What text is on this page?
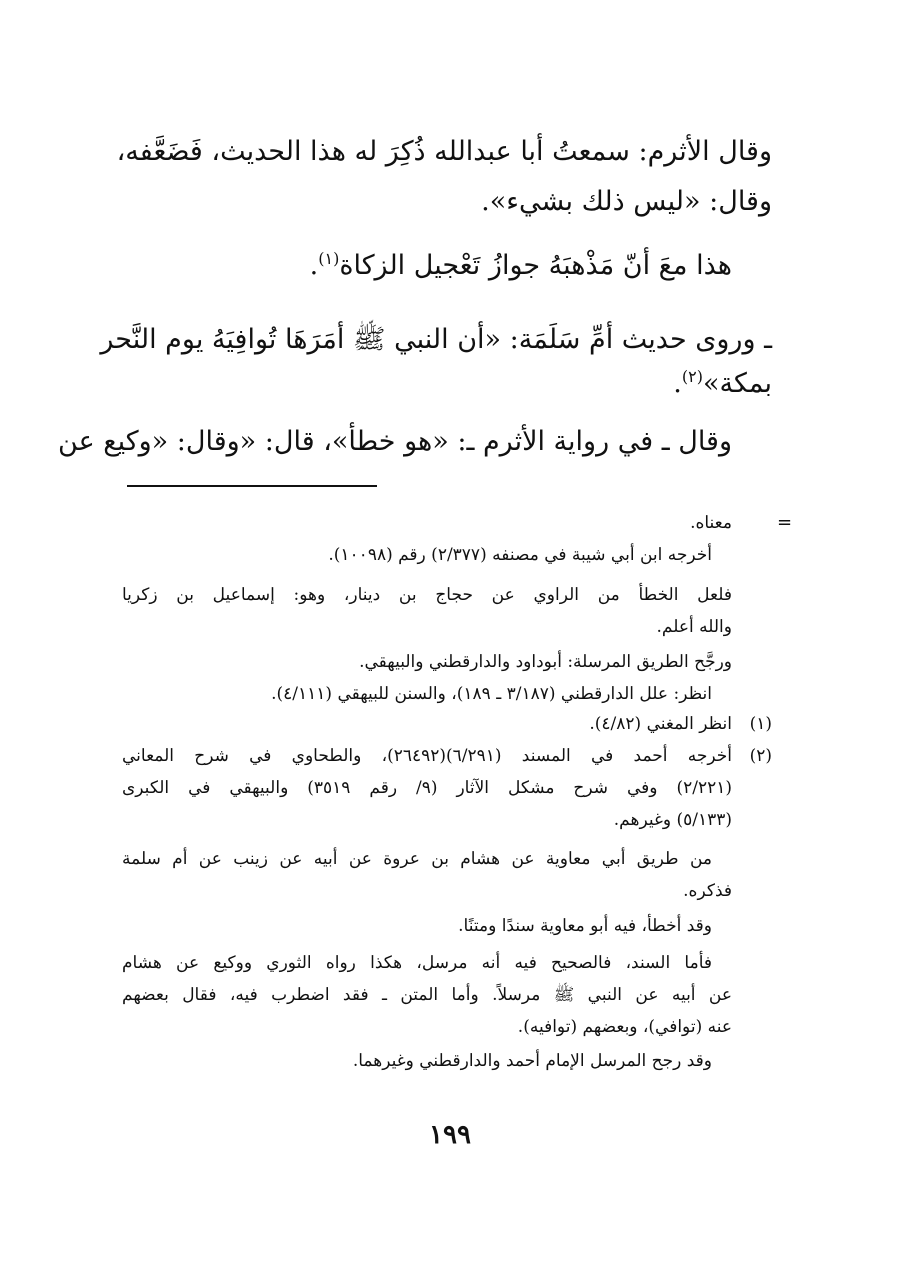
وقال الأثرم: سمعتُ أبا عبدالله ذُكِرَ له هذا الحديث، فَضَعَّفه،
وقال: «ليس ذلك بشيء».
هذا معَ أنّ مَذْهبَهُ جوازُ تَعْجيل الزكاة$^{(١)}$.
ـ وروى حديث أمِّ سَلَمَة: «أن النبي ﷺ أمَرَهَا تُوافِيَهُ يوم النَّحر
بمكة»$^{(٢)}$.
وقال ـ في رواية الأثرم ـ: «هو خطأ»، قال: «وقال: «وكيع عن
=
معناه.
أخرجه ابن أبي شيبة في مصنفه (٢/٣٧٧) رقم (١٠٠٩٨).
فلعل الخطأ من الراوي عن حجاج بن دينار، وهو: إسماعيل بن زكريا
والله أعلم.
ورجَّح الطريق المرسلة: أبوداود والدارقطني والبيهقي.
انظر: علل الدارقطني (٣/١٨٧ ـ ١٨٩)، والسنن للبيهقي (٤/١١١).
(١)
انظر المغني (٤/٨٢).
(٢)
أخرجه أحمد في المسند (٦/٢٩١)(٢٦٤٩٢)، والطحاوي في شرح المعاني
(٢/٢٢١) وفي شرح مشكل الآثار (٩/ رقم ٣٥١٩) والبيهقي في الكبرى
(٥/١٣٣) وغيرهم.
من طريق أبي معاوية عن هشام بن عروة عن أبيه عن زينب عن أم سلمة
فذكره.
وقد أخطأ، فيه أبو معاوية سندًا ومتنًا.
فأما السند، فالصحيح فيه أنه مرسل، هكذا رواه الثوري ووكيع عن هشام
عن أبيه عن النبي ﷺ مرسلاً. وأما المتن ـ فقد اضطرب فيه، فقال بعضهم
عنه (توافي)، وبعضهم (توافيه).
وقد رجح المرسل الإمام أحمد والدارقطني وغيرهما.
١٩٩
